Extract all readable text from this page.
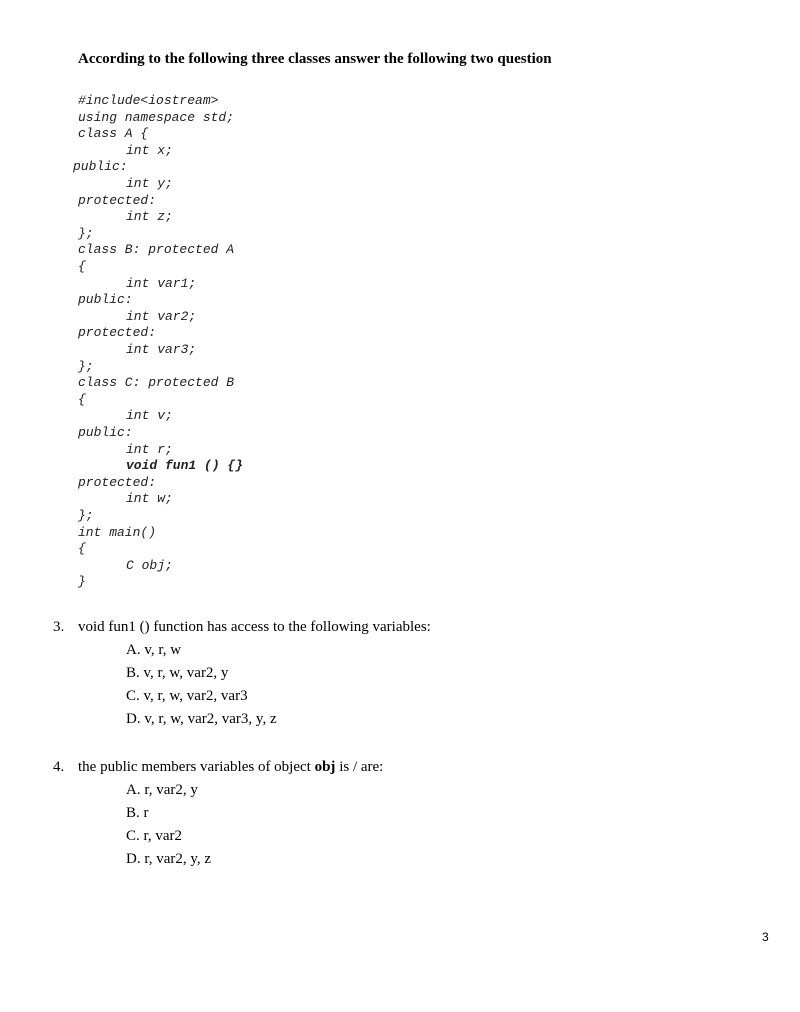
According to the following three classes answer the following two question
#include<iostream>
using namespace std;
class A {
int x;
public:
int y;
protected:
int z;
};
class B: protected A
{
int var1;
public:
int var2;
protected:
int var3;
};
class C: protected B
{
int v;
public:
int r;
void fun1 () {}
protected:
int w;
};
int main()
{
C obj;
}
3. void fun1 () function has access to the following variables:
A. v, r, w
B. v, r, w, var2, y
C. v, r, w, var2, var3
D. v, r, w, var2, var3, y, z
4. the public members variables of object obj is / are:
A. r, var2, y
B. r
C. r, var2
D. r, var2, y, z
3
